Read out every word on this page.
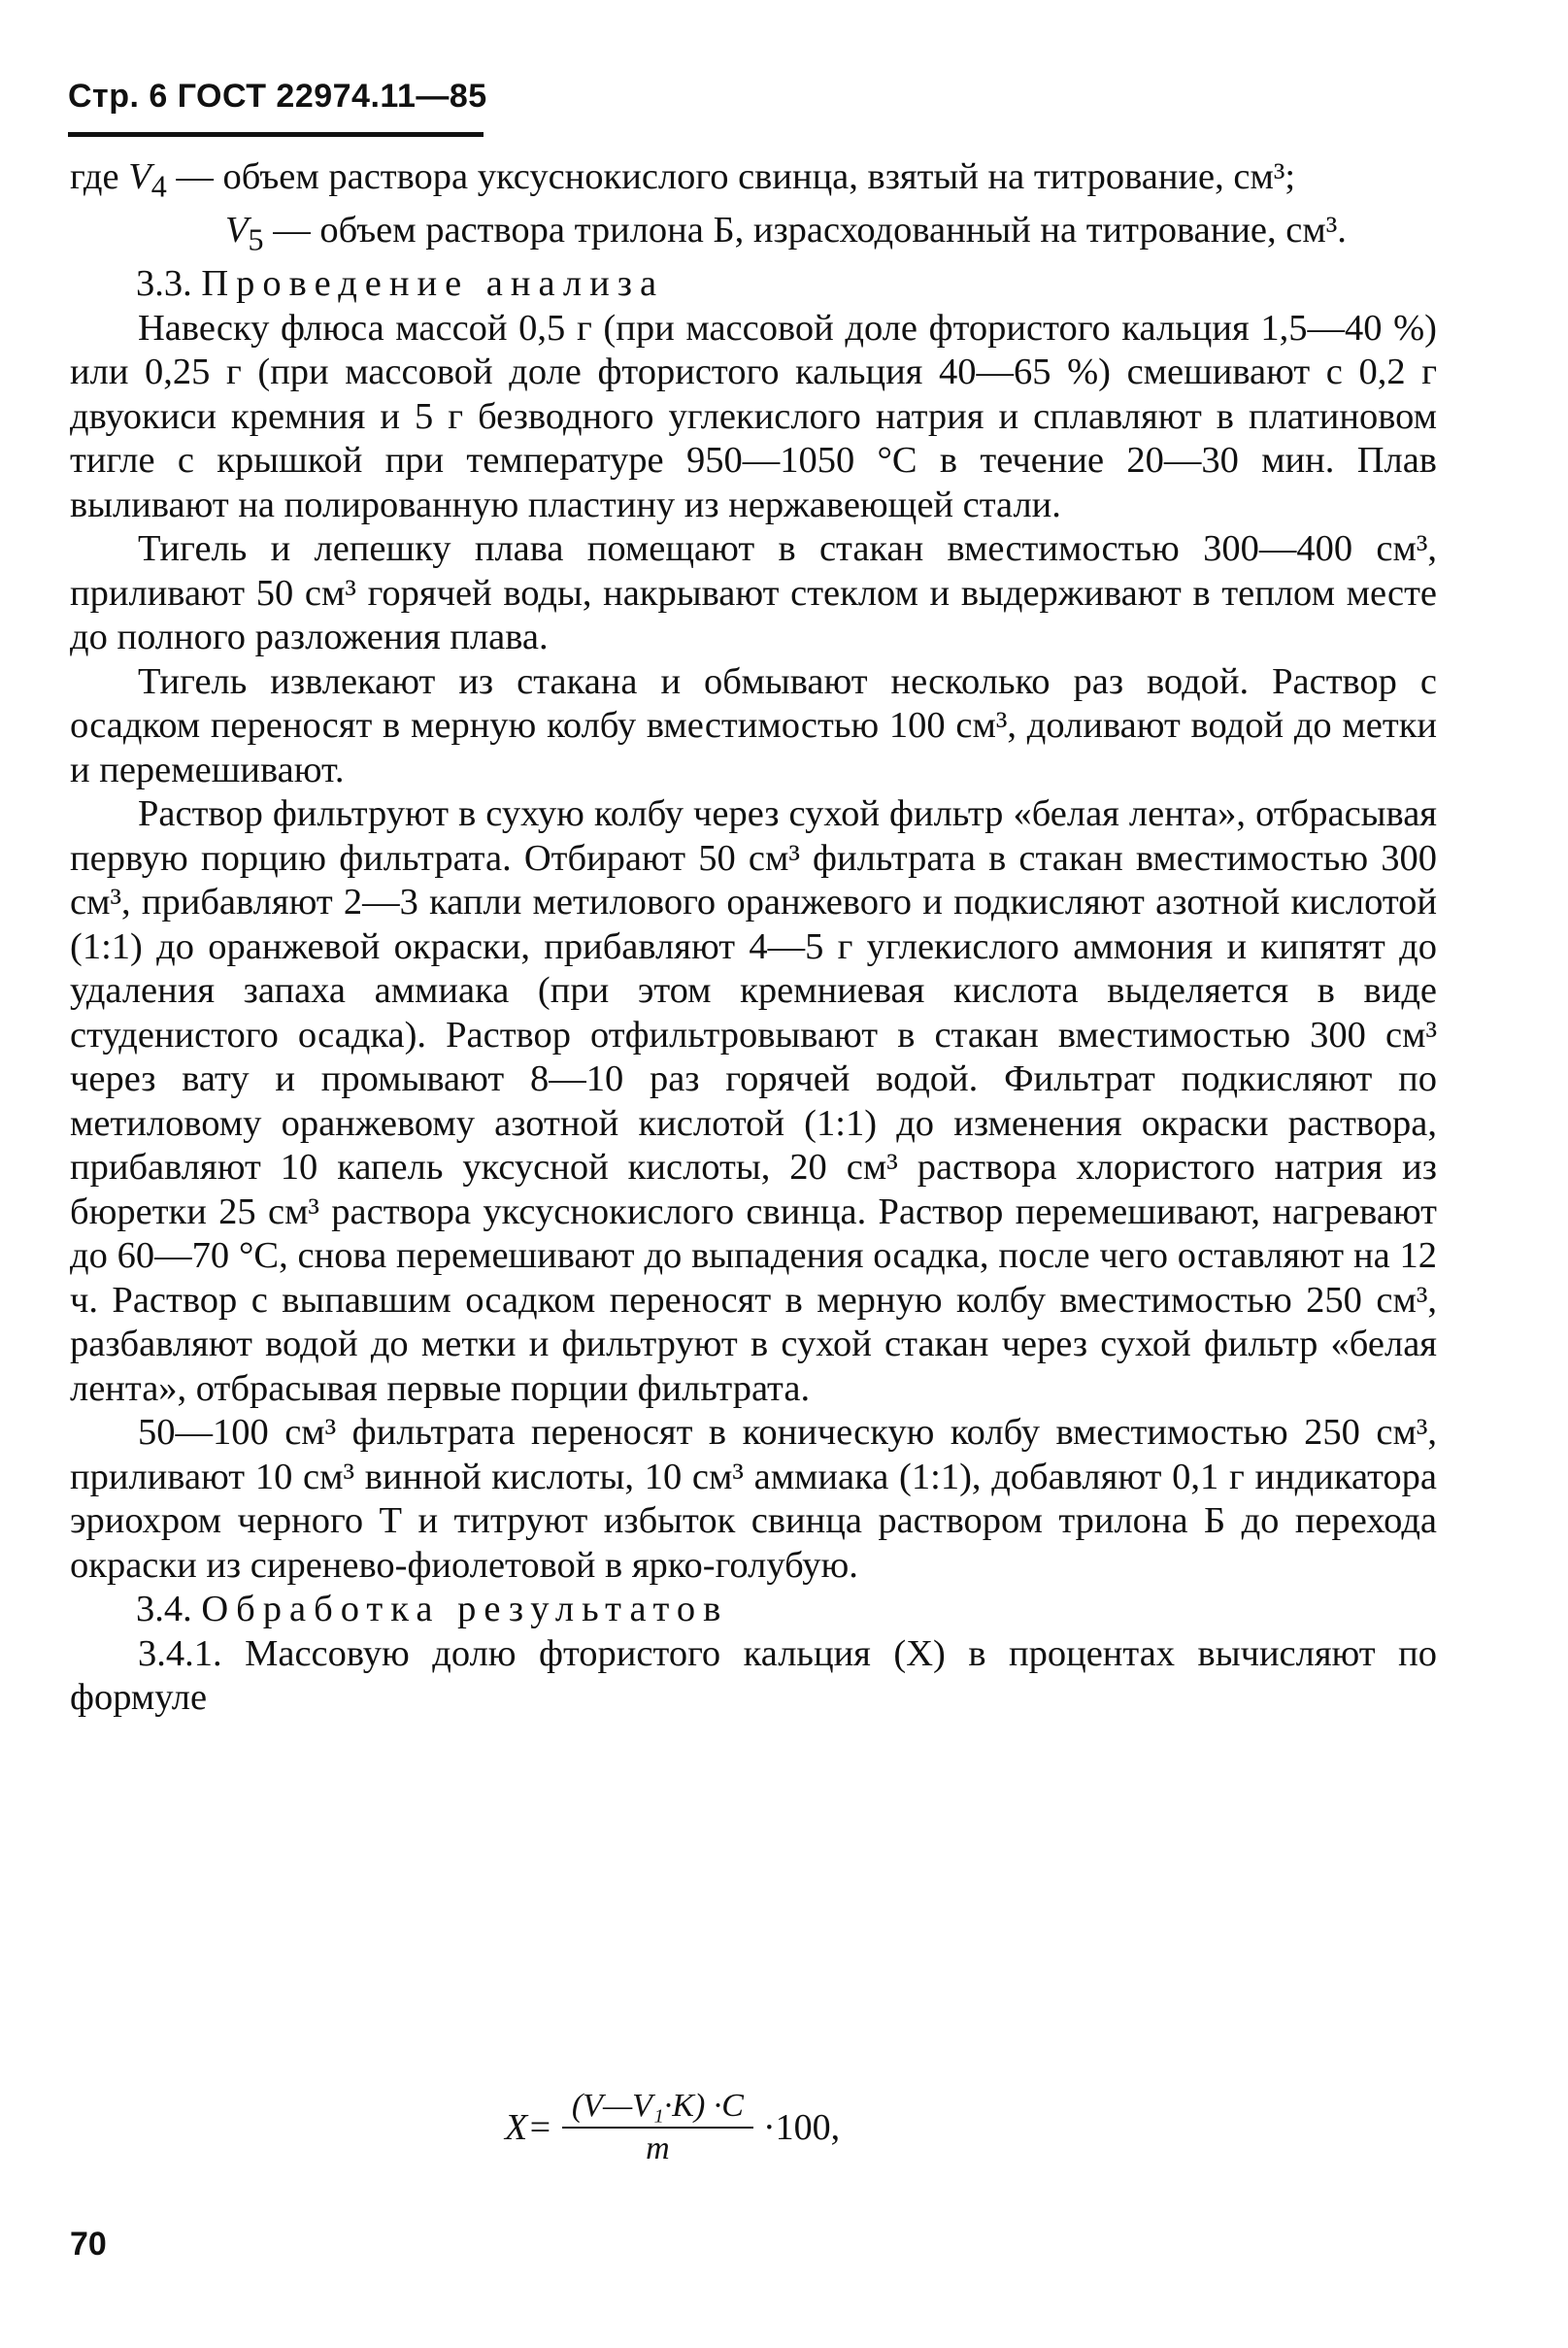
Стр. 6 ГОСТ 22974.11—85

где $V_4$ — объем раствора уксуснокислого свинца, взятый на титрование, см³;

$V_5$ — объем раствора трилона Б, израсходованный на титрование, см³.

3.3. Проведение анализа

Навеску флюса массой 0,5 г (при массовой доле фтористого кальция 1,5—40 %) или 0,25 г (при массовой доле фтористого кальция 40—65 %) смешивают с 0,2 г двуокиси кремния и 5 г безводного углекислого натрия и сплавляют в платиновом тигле с крышкой при температуре 950—1050 °С в течение 20—30 мин. Плав выливают на полированную пластину из нержавеющей стали.

Тигель и лепешку плава помещают в стакан вместимостью 300—400 см³, приливают 50 см³ горячей воды, накрывают стеклом и выдерживают в теплом месте до полного разложения плава.

Тигель извлекают из стакана и обмывают несколько раз водой. Раствор с осадком переносят в мерную колбу вместимостью 100 см³, доливают водой до метки и перемешивают.

Раствор фильтруют в сухую колбу через сухой фильтр «белая лента», отбрасывая первую порцию фильтрата. Отбирают 50 см³ фильтрата в стакан вместимостью 300 см³, прибавляют 2—3 капли метилового оранжевого и подкисляют азотной кислотой (1:1) до оранжевой окраски, прибавляют 4—5 г углекислого аммония и кипятят до удаления запаха аммиака (при этом кремниевая кислота выделяется в виде студенистого осадка). Раствор отфильтровывают в стакан вместимостью 300 см³ через вату и промывают 8—10 раз горячей водой. Фильтрат подкисляют по метиловому оранжевому азотной кислотой (1:1) до изменения окраски раствора, прибавляют 10 капель уксусной кислоты, 20 см³ раствора хлористого натрия из бюретки 25 см³ раствора уксуснокислого свинца. Раствор перемешивают, нагревают до 60—70 °С, снова перемешивают до выпадения осадка, после чего оставляют на 12 ч. Раствор с выпавшим осадком переносят в мерную колбу вместимостью 250 см³, разбавляют водой до метки и фильтруют в сухой стакан через сухой фильтр «белая лента», отбрасывая первые порции фильтрата.

50—100 см³ фильтрата переносят в коническую колбу вместимостью 250 см³, приливают 10 см³ винной кислоты, 10 см³ аммиака (1:1), добавляют 0,1 г индикатора эриохром черного Т и титруют избыток свинца раствором трилона Б до перехода окраски из сиренево-фиолетовой в ярко-голубую.

3.4. Обработка результатов

3.4.1. Массовую долю фтористого кальция (X) в процентах вычисляют по формуле

$X= \frac{\text{(V—V₁·K) ·C}}{m} \cdot 100$,
70
